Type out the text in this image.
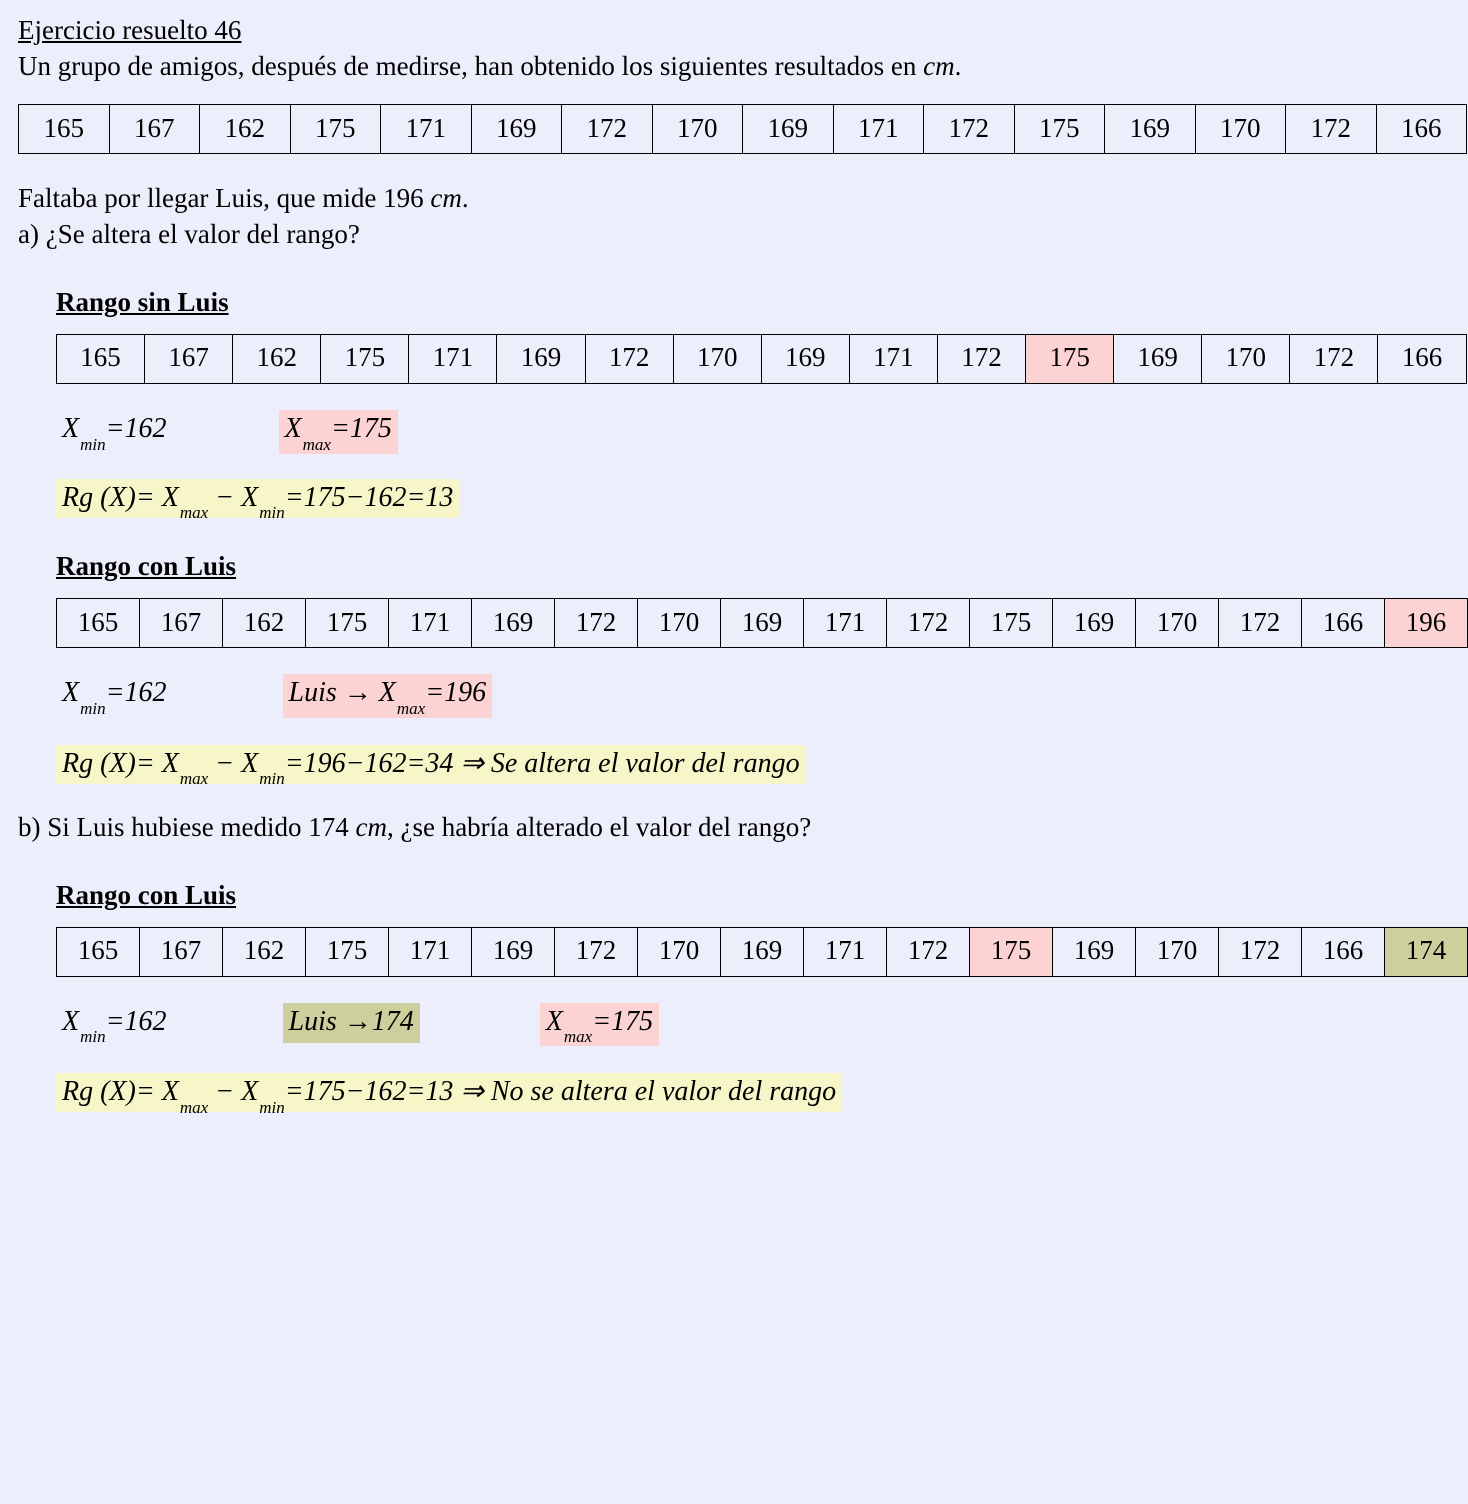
Ejercicio resuelto 46
Un grupo de amigos, después de medirse, han obtenido los siguientes resultados en cm.
165	167	162	175	171	169	172	170	169	171	172	175	169	170	172	166
Faltaba por llegar Luis, que mide 196 cm.
a) ¿Se altera el valor del rango?
Rango sin Luis
165	167	162	175	171	169	172	170	169	171	172	175	169	170	172	166
$X_{min}=162$	$X_{max}=175$
Rg $(X)= X_{max} - X_{min}=175-162=13$
Rango con Luis
165	167	162	175	171	169	172	170	169	171	172	175	169	170	172	166	196
$X_{min}=162$	Luis → $X_{max}=196$
Rg $(X)= X_{max} - X_{min}=196-162=34$ ⇒ Se altera el valor del rango
b) Si Luis hubiese medido 174 cm, ¿se habría alterado el valor del rango?
Rango con Luis
165	167	162	175	171	169	172	170	169	171	172	175	169	170	172	166	174
$X_{min}=162$	Luis →174	$X_{max}=175$
Rg $(X)= X_{max} - X_{min}=175-162=13$ ⇒ No se altera el valor del rango
